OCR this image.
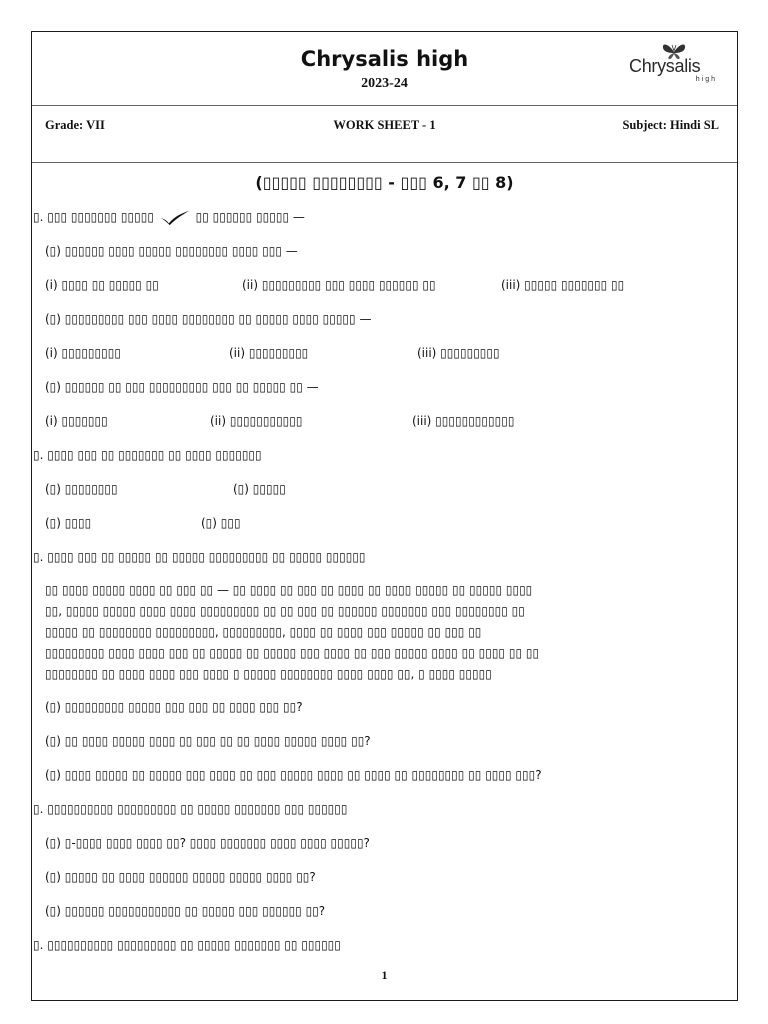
Chrysalis high
2023-24
Chrysalis
high
Grade: VII	WORK SHEET - 1	Subject: Hindi SL
(▯▯▯▯▯ ▯▯▯▯▯▯▯▯ - ▯▯▯ 6, 7 ▯▯ 8)
▯. ▯▯▯ ▯▯▯▯▯▯▯ ▯▯▯▯▯	▯▯ ▯▯▯▯▯▯ ▯▯▯▯▯ —
(▯) ▯▯▯▯▯▯ ▯▯▯▯ ▯▯▯▯▯ ▯▯▯▯▯▯▯▯ ▯▯▯▯ ▯▯▯ —
(i) ▯▯▯▯ ▯▯ ▯▯▯▯▯ ▯▯	(ii) ▯▯▯▯▯▯▯▯▯ ▯▯▯ ▯▯▯▯ ▯▯▯▯▯▯ ▯▯	(iii) ▯▯▯▯▯ ▯▯▯▯▯▯▯ ▯▯
(▯) ▯▯▯▯▯▯▯▯▯ ▯▯▯ ▯▯▯▯ ▯▯▯▯▯▯▯▯ ▯▯ ▯▯▯▯▯ ▯▯▯▯ ▯▯▯▯▯ —
(i) ▯▯▯▯▯▯▯▯▯	(ii) ▯▯▯▯▯▯▯▯▯	(iii) ▯▯▯▯▯▯▯▯▯
(▯) ▯▯▯▯▯▯ ▯▯ ▯▯▯ ▯▯▯▯▯▯▯▯▯ ▯▯▯ ▯▯ ▯▯▯▯▯ ▯▯ —
(i) ▯▯▯▯▯▯▯	(ii) ▯▯▯▯▯▯▯▯▯▯▯	(iii) ▯▯▯▯▯▯▯▯▯▯▯▯
▯. ▯▯▯▯ ▯▯▯ ▯▯ ▯▯▯▯▯▯▯ ▯▯ ▯▯▯▯ ▯▯▯▯▯▯▯
(▯) ▯▯▯▯▯▯▯▯	(▯) ▯▯▯▯▯
(▯) ▯▯▯▯	(▯) ▯▯▯
▯. ▯▯▯▯ ▯▯▯ ▯▯ ▯▯▯▯▯ ▯▯ ▯▯▯▯▯ ▯▯▯▯▯▯▯▯▯ ▯▯ ▯▯▯▯▯ ▯▯▯▯▯▯
▯▯ ▯▯▯▯ ▯▯▯▯▯ ▯▯▯▯ ▯▯ ▯▯▯ ▯▯ — ▯▯ ▯▯▯▯ ▯▯ ▯▯▯ ▯▯ ▯▯▯▯ ▯▯ ▯▯▯▯ ▯▯▯▯▯ ▯▯ ▯▯▯▯▯ ▯▯▯▯
▯▯, ▯▯▯▯▯ ▯▯▯▯▯ ▯▯▯▯ ▯▯▯▯ ▯▯▯▯▯▯▯▯▯ ▯▯ ▯▯ ▯▯▯ ▯▯ ▯▯▯▯▯▯ ▯▯▯▯▯▯▯ ▯▯▯ ▯▯▯▯▯▯▯▯ ▯▯
▯▯▯▯▯ ▯▯ ▯▯▯▯▯▯▯▯ ▯▯▯▯▯▯▯▯▯, ▯▯▯▯▯▯▯▯▯, ▯▯▯▯ ▯▯ ▯▯▯▯ ▯▯▯ ▯▯▯▯▯ ▯▯ ▯▯▯ ▯▯
▯▯▯▯▯▯▯▯▯ ▯▯▯▯ ▯▯▯▯ ▯▯▯ ▯▯ ▯▯▯▯▯ ▯▯ ▯▯▯▯▯ ▯▯▯ ▯▯▯▯ ▯▯ ▯▯▯ ▯▯▯▯▯ ▯▯▯▯ ▯▯ ▯▯▯▯ ▯▯ ▯▯
▯▯▯▯▯▯▯▯ ▯▯ ▯▯▯▯ ▯▯▯▯ ▯▯▯ ▯▯▯▯ ▯ ▯▯▯▯▯ ▯▯▯▯▯▯▯▯ ▯▯▯▯ ▯▯▯▯ ▯▯, ▯ ▯▯▯▯ ▯▯▯▯▯
(▯) ▯▯▯▯▯▯▯▯▯ ▯▯▯▯▯ ▯▯▯ ▯▯▯ ▯▯ ▯▯▯▯ ▯▯▯ ▯▯?
(▯) ▯▯ ▯▯▯▯ ▯▯▯▯▯ ▯▯▯▯ ▯▯ ▯▯▯ ▯▯ ▯▯ ▯▯▯▯ ▯▯▯▯▯ ▯▯▯▯ ▯▯?
(▯) ▯▯▯▯ ▯▯▯▯▯ ▯▯ ▯▯▯▯▯ ▯▯▯ ▯▯▯▯ ▯▯ ▯▯▯ ▯▯▯▯▯ ▯▯▯▯ ▯▯ ▯▯▯▯ ▯▯ ▯▯▯▯▯▯▯▯ ▯▯ ▯▯▯▯ ▯▯▯?
▯. ▯▯▯▯▯▯▯▯▯▯ ▯▯▯▯▯▯▯▯▯ ▯▯ ▯▯▯▯▯ ▯▯▯▯▯▯▯ ▯▯▯ ▯▯▯▯▯▯
(▯) ▯-▯▯▯▯ ▯▯▯▯ ▯▯▯▯ ▯▯? ▯▯▯▯ ▯▯▯▯▯▯▯ ▯▯▯▯ ▯▯▯▯ ▯▯▯▯▯?
(▯) ▯▯▯▯▯ ▯▯ ▯▯▯▯ ▯▯▯▯▯▯ ▯▯▯▯▯ ▯▯▯▯▯ ▯▯▯▯ ▯▯?
(▯) ▯▯▯▯▯▯ ▯▯▯▯▯▯▯▯▯▯▯ ▯▯ ▯▯▯▯▯ ▯▯▯ ▯▯▯▯▯▯ ▯▯?
▯. ▯▯▯▯▯▯▯▯▯▯ ▯▯▯▯▯▯▯▯▯ ▯▯ ▯▯▯▯▯ ▯▯▯▯▯▯▯ ▯▯ ▯▯▯▯▯▯
1
